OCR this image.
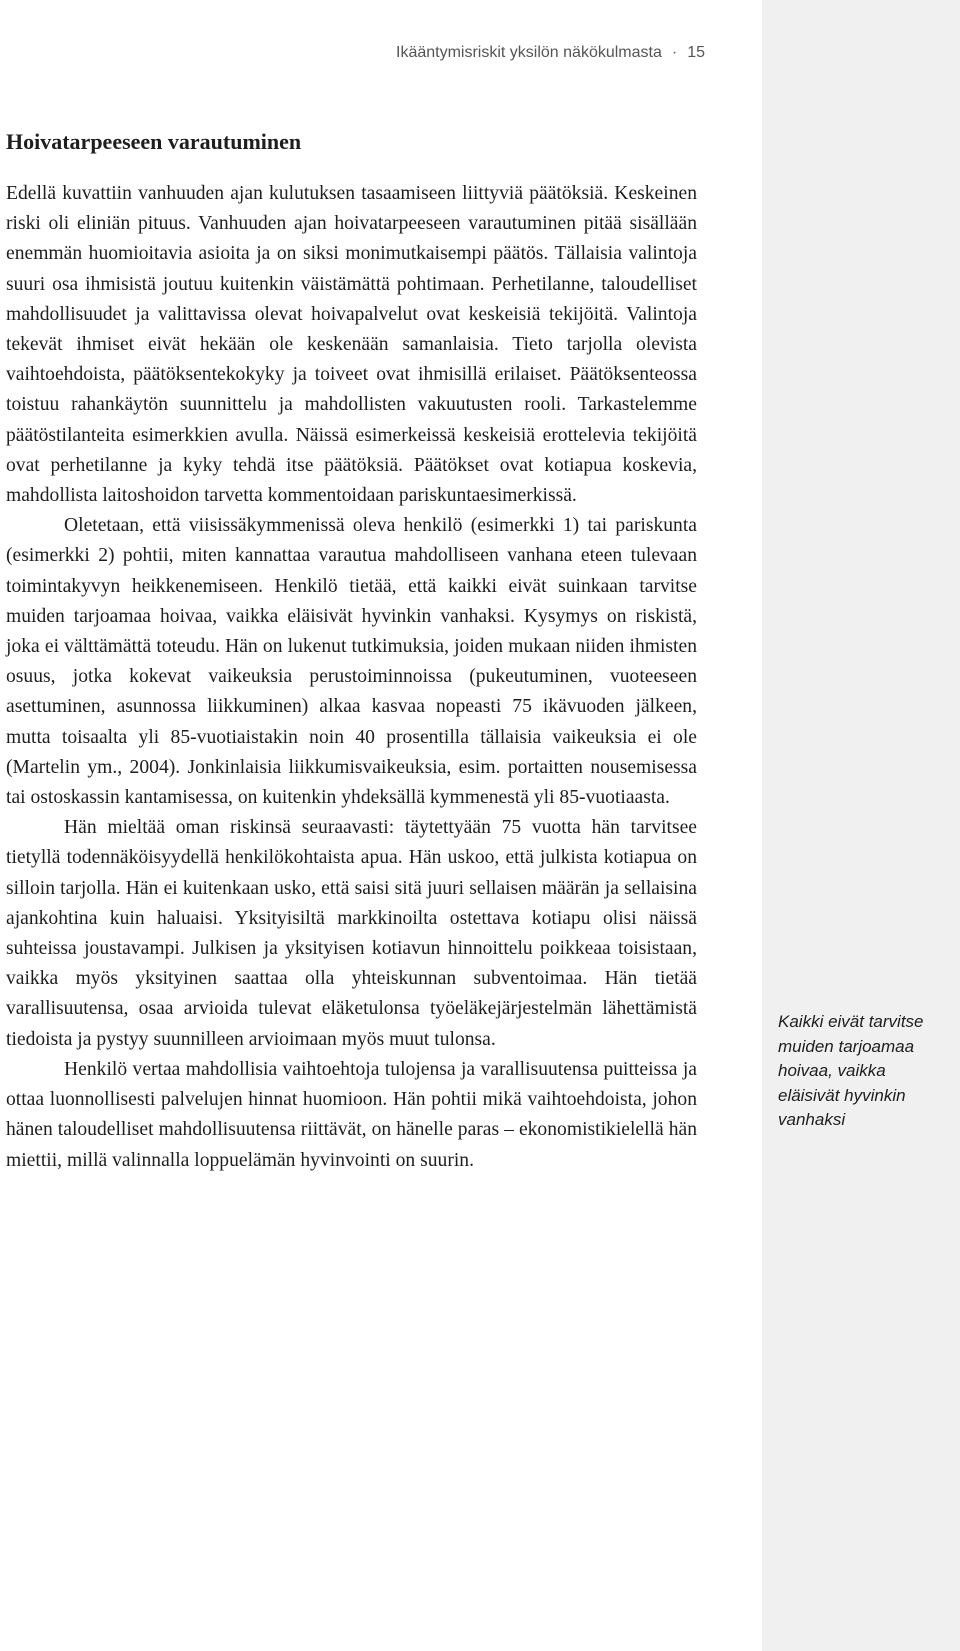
Ikääntymisriskit yksilön näkökulmasta · 15
Hoivatarpeeseen varautuminen

Edellä kuvattiin vanhuuden ajan kulutuksen tasaamiseen liittyviä päätöksiä. Keskeinen riski oli eliniän pituus. Vanhuuden ajan hoivatarpeeseen varautuminen pitää sisällään enemmän huomioitavia asioita ja on siksi monimutkaisempi päätös. Tällaisia valintoja suuri osa ihmisistä joutuu kuitenkin väistämättä pohtimaan. Perhetilanne, taloudelliset mahdollisuudet ja valittavissa olevat hoivapalvelut ovat keskeisiä tekijöitä. Valintoja tekevät ihmiset eivät hekään ole keskenään samanlaisia. Tieto tarjolla olevista vaihtoehdoista, päätöksentekokyky ja toiveet ovat ihmisillä erilaiset. Päätöksenteossa toistuu rahankäytön suunnittelu ja mahdollisten vakuutusten rooli. Tarkastelemme päätöstilanteita esimerkkien avulla. Näissä esimerkeissä keskeisiä erottelevia tekijöitä ovat perhetilanne ja kyky tehdä itse päätöksiä. Päätökset ovat kotiapua koskevia, mahdollista laitoshoidon tarvetta kommentoidaan pariskuntaesimerkissä.

Oletetaan, että viisissäkymmenissä oleva henkilö (esimerkki 1) tai pariskunta (esimerkki 2) pohtii, miten kannattaa varautua mahdolliseen vanhana eteen tulevaan toimintakyvyn heikkenemiseen. Henkilö tietää, että kaikki eivät suinkaan tarvitse muiden tarjoamaa hoivaa, vaikka eläisivät hyvinkin vanhaksi. Kysymys on riskistä, joka ei välttämättä toteudu. Hän on lukenut tutkimuksia, joiden mukaan niiden ihmisten osuus, jotka kokevat vaikeuksia perustoiminnoissa (pukeutuminen, vuoteeseen asettuminen, asunnossa liikkuminen) alkaa kasvaa nopeasti 75 ikävuoden jälkeen, mutta toisaalta yli 85-vuotiaistakin noin 40 prosentilla tällaisia vaikeuksia ei ole (Martelin ym., 2004). Jonkinlaisia liikkumisvaikeuksia, esim. portaitten nousemisessa tai ostoskassin kantamisessa, on kuitenkin yhdeksällä kymmenestä yli 85-vuotiaasta.

Hän mieltää oman riskinsä seuraavasti: täytettyään 75 vuotta hän tarvitsee tietyllä todennäköisyydellä henkilökohtaista apua. Hän uskoo, että julkista kotiapua on silloin tarjolla. Hän ei kuitenkaan usko, että saisi sitä juuri sellaisen määrän ja sellaisina ajankohtina kuin haluaisi. Yksityisiltä markkinoilta ostettava kotiapu olisi näissä suhteissa joustavampi. Julkisen ja yksityisen kotiavun hinnoittelu poikkeaa toisistaan, vaikka myös yksityinen saattaa olla yhteiskunnan subventoimaa. Hän tietää varallisuutensa, osaa arvioida tulevat eläketulonsa työeläkejärjestelmän lähettämistä tiedoista ja pystyy suunnilleen arvioimaan myös muut tulonsa.

Henkilö vertaa mahdollisia vaihtoehtoja tulojensa ja varallisuutensa puitteissa ja ottaa luonnollisesti palvelujen hinnat huomioon. Hän pohtii mikä vaihtoehdoista, johon hänen taloudelliset mahdollisuutensa riittävät, on hänelle paras – ekonomistikielellä hän miettii, millä valinnalla loppuelämän hyvinvointi on suurin.

Kaikki eivät tarvitse muiden tarjoamaa hoivaa, vaikka eläisivät hyvinkin vanhaksi
